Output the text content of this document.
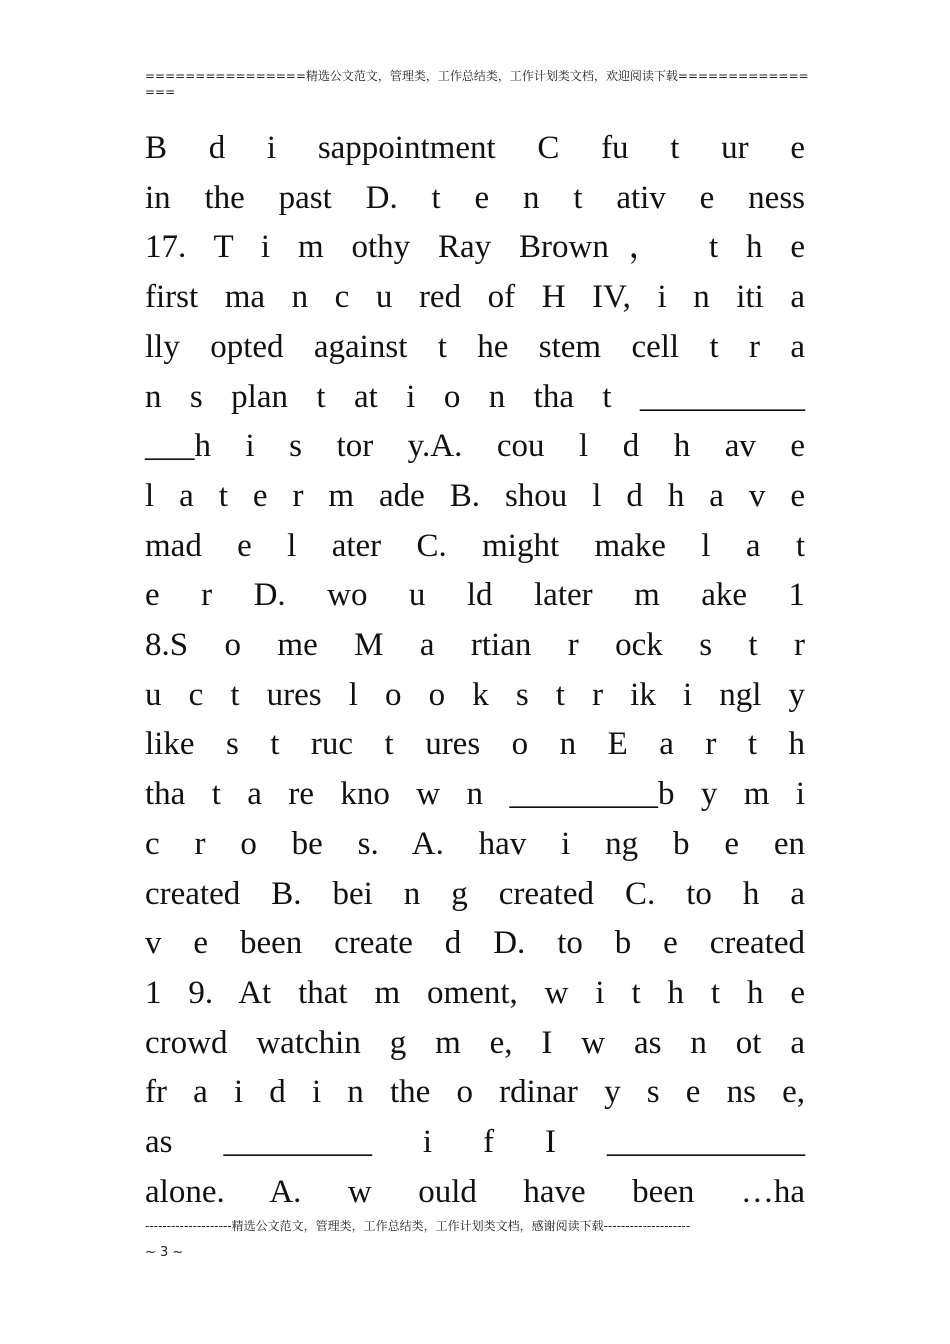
================精选公文范文，管理类，工作总结类，工作计划类文档，欢迎阅读下载================
B d i sappointment C fu t ur e
in the past D. t e n t ativ e ness
17. T i m othy Ray Brown， t h e
first ma n c u red of H IV, i n iti a
lly opted against t he stem cell t r a
n s plan t at i o n tha t __________
___h i s tor y.A. cou l d h av e
l a t e r m ade B. shou l d h a v e
mad e l ater C. might make l a t
e r D. wo u ld later m ake 1
8.S o me M a rtian r ock s t r
u c t ures l o o k s t r ik i ngl y
like s t ruc t ures o n E a r t h
tha t a re kno w n _________b y m i
c r o be s. A. hav i ng b e en
created B. bei n g created C. to h a
v e been create d D. to b e created
1 9. At that m oment, w i t h t h e
crowd watchin g m e, I w as n ot a
fr a i d i n the o rdinar y s e ns e,
as _________ i f I ____________
alone. A. w ould have been …ha
--------------------精选公文范文，管理类，工作总结类，工作计划类文档，感谢阅读下载--------------------
~ 3 ~
